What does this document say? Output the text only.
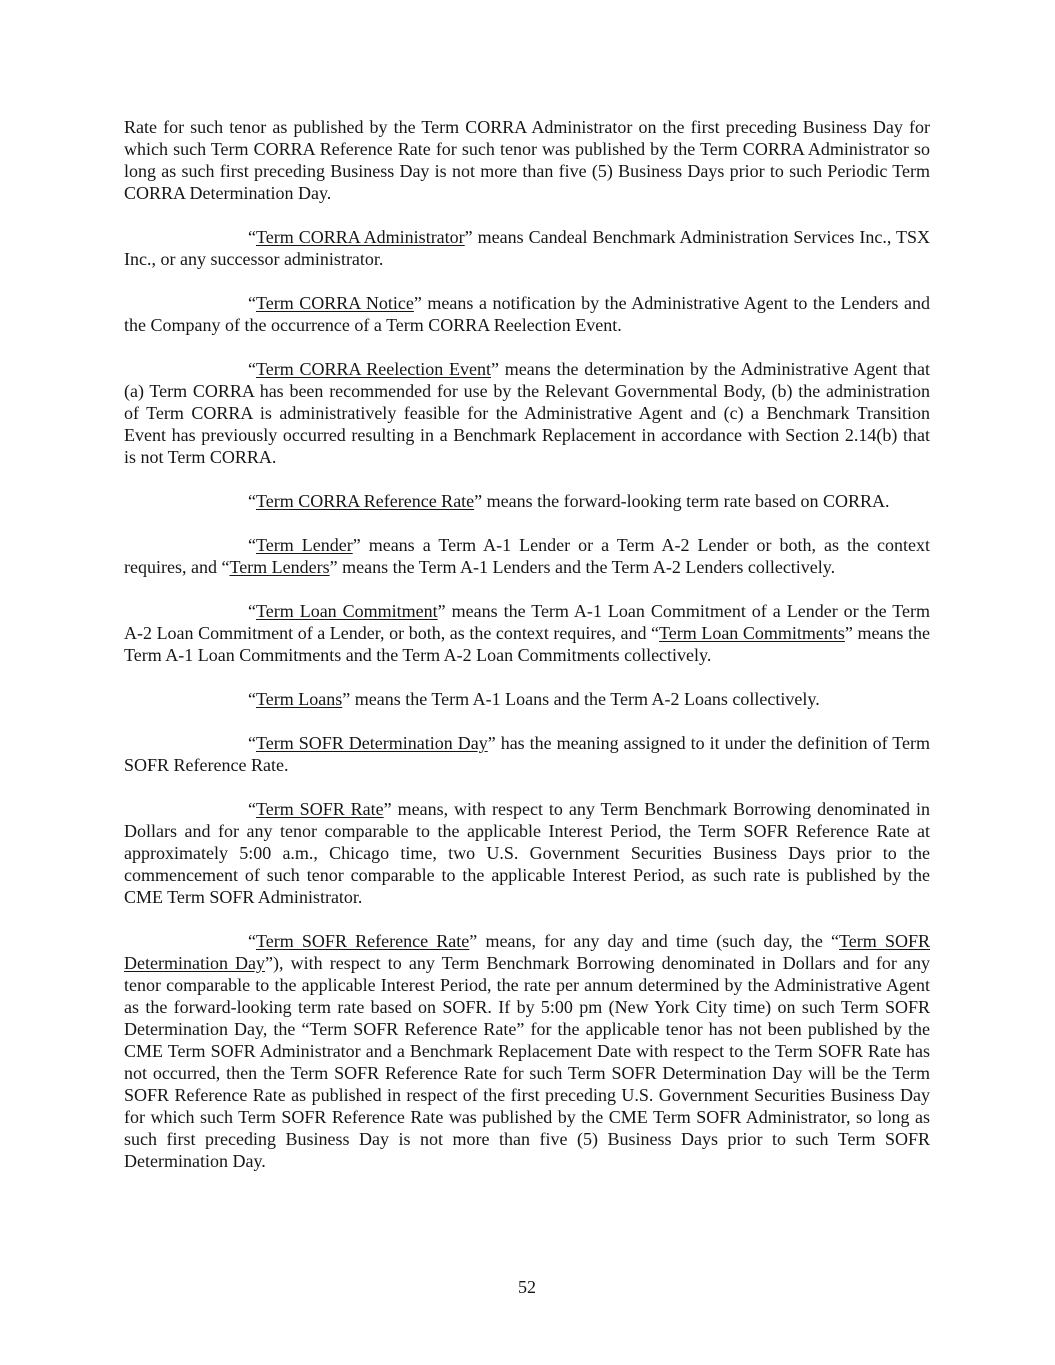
Rate for such tenor as published by the Term CORRA Administrator on the first preceding Business Day for which such Term CORRA Reference Rate for such tenor was published by the Term CORRA Administrator so long as such first preceding Business Day is not more than five (5) Business Days prior to such Periodic Term CORRA Determination Day.

“Term CORRA Administrator” means Candeal Benchmark Administration Services Inc., TSX Inc., or any successor administrator.

“Term CORRA Notice” means a notification by the Administrative Agent to the Lenders and the Company of the occurrence of a Term CORRA Reelection Event.

“Term CORRA Reelection Event” means the determination by the Administrative Agent that (a) Term CORRA has been recommended for use by the Relevant Governmental Body, (b) the administration of Term CORRA is administratively feasible for the Administrative Agent and (c) a Benchmark Transition Event has previously occurred resulting in a Benchmark Replacement in accordance with Section 2.14(b) that is not Term CORRA.

“Term CORRA Reference Rate” means the forward-looking term rate based on CORRA.

“Term Lender” means a Term A-1 Lender or a Term A-2 Lender or both, as the context requires, and “Term Lenders” means the Term A-1 Lenders and the Term A-2 Lenders collectively.

“Term Loan Commitment” means the Term A-1 Loan Commitment of a Lender or the Term A-2 Loan Commitment of a Lender, or both, as the context requires, and “Term Loan Commitments” means the Term A-1 Loan Commitments and the Term A-2 Loan Commitments collectively.

“Term Loans” means the Term A-1 Loans and the Term A-2 Loans collectively.

“Term SOFR Determination Day” has the meaning assigned to it under the definition of Term SOFR Reference Rate.

“Term SOFR Rate” means, with respect to any Term Benchmark Borrowing denominated in Dollars and for any tenor comparable to the applicable Interest Period, the Term SOFR Reference Rate at approximately 5:00 a.m., Chicago time, two U.S. Government Securities Business Days prior to the commencement of such tenor comparable to the applicable Interest Period, as such rate is published by the CME Term SOFR Administrator.

“Term SOFR Reference Rate” means, for any day and time (such day, the “Term SOFR Determination Day”), with respect to any Term Benchmark Borrowing denominated in Dollars and for any tenor comparable to the applicable Interest Period, the rate per annum determined by the Administrative Agent as the forward-looking term rate based on SOFR. If by 5:00 pm (New York City time) on such Term SOFR Determination Day, the “Term SOFR Reference Rate” for the applicable tenor has not been published by the CME Term SOFR Administrator and a Benchmark Replacement Date with respect to the Term SOFR Rate has not occurred, then the Term SOFR Reference Rate for such Term SOFR Determination Day will be the Term SOFR Reference Rate as published in respect of the first preceding U.S. Government Securities Business Day for which such Term SOFR Reference Rate was published by the CME Term SOFR Administrator, so long as such first preceding Business Day is not more than five (5) Business Days prior to such Term SOFR Determination Day.

52
